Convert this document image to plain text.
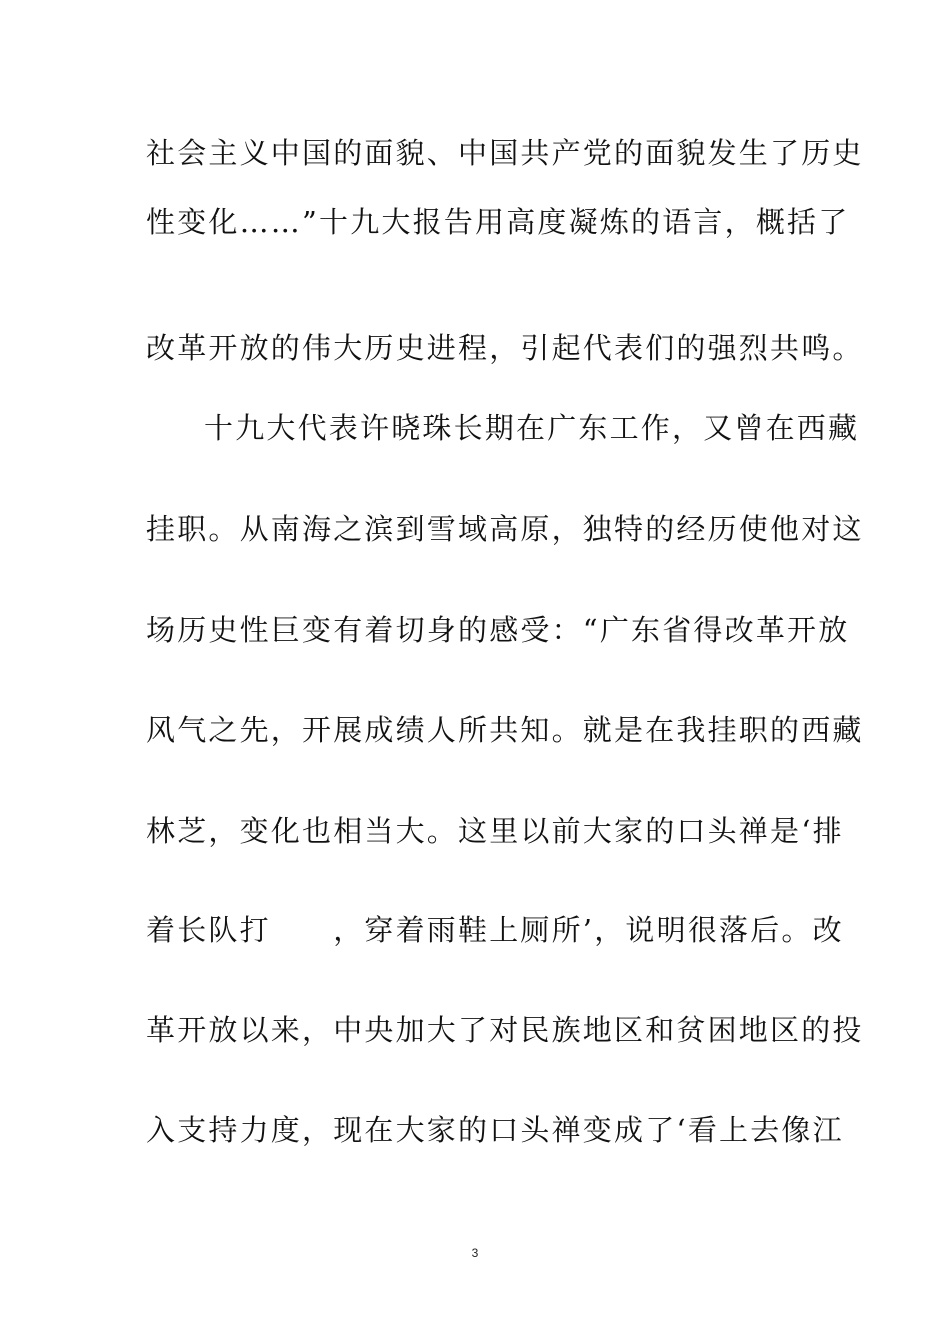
社会主义中国的面貌、中国共产党的面貌发生了历史
性变化……”十九大报告用高度凝炼的语言，概括了
改革开放的伟大历史进程，引起代表们的强烈共鸣。
十九大代表许晓珠长期在广东工作，又曾在西藏
挂职。从南海之滨到雪域高原，独特的经历使他对这
场历史性巨变有着切身的感受：“广东省得改革开放
风气之先，开展成绩人所共知。就是在我挂职的西藏
林芝，变化也相当大。这里以前大家的口头禅是‘排
着长队打　　，穿着雨鞋上厕所’，说明很落后。改
革开放以来，中央加大了对民族地区和贫困地区的投
入支持力度，现在大家的口头禅变成了‘看上去像江
3
